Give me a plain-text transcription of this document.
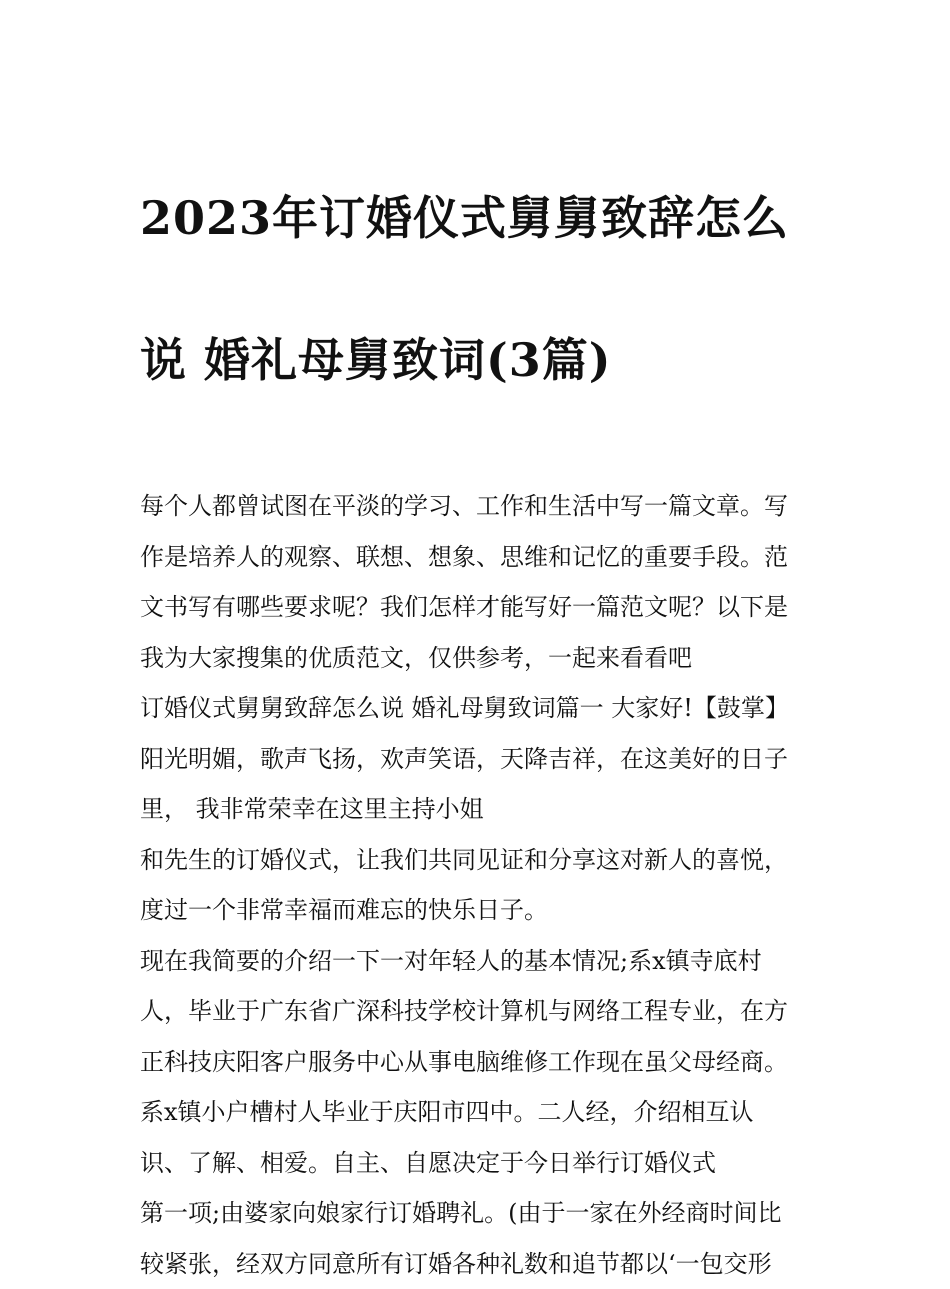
2023年订婚仪式舅舅致辞怎么

说 婚礼母舅致词(3篇)

每个人都曾试图在平淡的学习、工作和生活中写一篇文章。写
作是培养人的观察、联想、想象、思维和记忆的重要手段。范
文书写有哪些要求呢？我们怎样才能写好一篇范文呢？以下是
我为大家搜集的优质范文，仅供参考，一起来看看吧
订婚仪式舅舅致辞怎么说 婚礼母舅致词篇一 大家好!【鼓掌】
阳光明媚，歌声飞扬，欢声笑语，天降吉祥，在这美好的日子
里， 我非常荣幸在这里主持小姐
和先生的订婚仪式，让我们共同见证和分享这对新人的喜悦，
度过一个非常幸福而难忘的快乐日子。
现在我简要的介绍一下一对年轻人的基本情况;系x镇寺底村
人，毕业于广东省广深科技学校计算机与网络工程专业，在方
正科技庆阳客户服务中心从事电脑维修工作现在虽父母经商。
系x镇小户槽村人毕业于庆阳市四中。二人经，介绍相互认
识、了解、相爱。自主、自愿决定于今日举行订婚仪式
第一项;由婆家向娘家行订婚聘礼。(由于一家在外经商时间比
较紧张，经双方同意所有订婚各种礼数和追节都以‘一包交形
